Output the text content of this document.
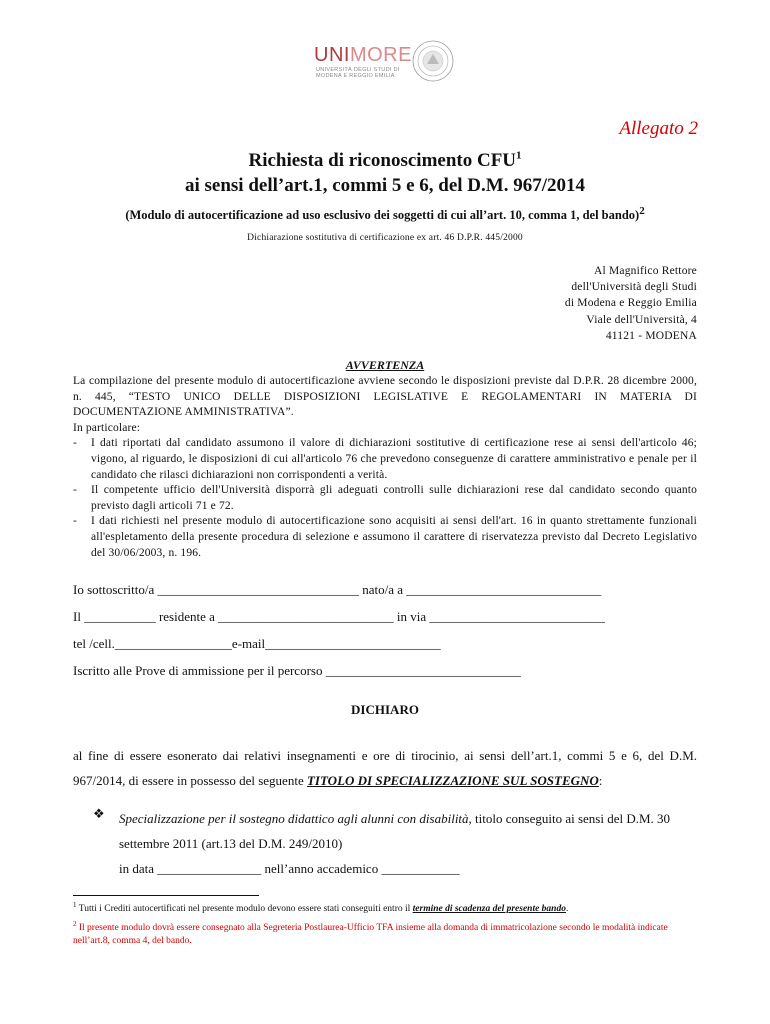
UNIMORE
UNIVERSITÀ DEGLI STUDI DI
MODENA E REGGIO EMILIA
Allegato 2
Richiesta di riconoscimento CFU$^1$
ai sensi dell’art.1, commi 5 e 6, del D.M. 967/2014
(Modulo di autocertificazione ad uso esclusivo dei soggetti di cui all’art. 10, comma 1, del bando)2
Dichiarazione sostitutiva di certificazione ex art. 46 D.P.R. 445/2000
Al Magnifico Rettore
dell'Università degli Studi
di Modena e Reggio Emilia
Viale dell'Università, 4
41121 - MODENA
AVVERTENZA

La compilazione del presente modulo di autocertificazione avviene secondo le disposizioni previste dal D.P.R. 28 dicembre 2000, n. 445, “TESTO UNICO DELLE DISPOSIZIONI LEGISLATIVE E REGOLAMENTARI IN MATERIA DI DOCUMENTAZIONE AMMINISTRATIVA”.

In particolare:

- I dati riportati dal candidato assumono il valore di dichiarazioni sostitutive di certificazione rese ai sensi dell'articolo 46; vigono, al riguardo, le disposizioni di cui all'articolo 76 che prevedono conseguenze di carattere amministrativo e penale per il candidato che rilasci dichiarazioni non corrispondenti a verità.
- Il competente ufficio dell'Università disporrà gli adeguati controlli sulle dichiarazioni rese dal candidato secondo quanto previsto dagli articoli 71 e 72.
- I dati richiesti nel presente modulo di autocertificazione sono acquisiti ai sensi dell'art. 16 in quanto strettamente funzionali all'espletamento della presente procedura di selezione e assumono il carattere di riservatezza previsto dal Decreto Legislativo del 30/06/2003, n. 196.
Io sottoscritto/a _______________________________ nato/a a ______________________________
Il ___________ residente a ___________________________ in via ___________________________
tel /cell.__________________e-mail___________________________
Iscritto alle Prove di ammissione per il percorso ______________________________
DICHIARO
al fine di essere esonerato dai relativi insegnamenti e ore di tirocinio, ai sensi dell’art.1, commi 5 e 6, del D.M. 967/2014, di essere in possesso del seguente TITOLO DI SPECIALIZZAZIONE SUL SOSTEGNO:
❖ Specializzazione per il sostegno didattico agli alunni con disabilità, titolo conseguito ai sensi del D.M. 30 settembre 2011 (art.13 del D.M. 249/2010)
in data ________________ nell’anno accademico ____________
$^1$ Tutti i Crediti autocertificati nel presente modulo devono essere stati conseguiti entro il termine di scadenza del presente bando.
$^2$ Il presente modulo dovrà essere consegnato alla Segreteria Postlaurea-Ufficio TFA insieme alla domanda di immatricolazione secondo le modalità indicate nell’art.8, comma 4, del bando.
